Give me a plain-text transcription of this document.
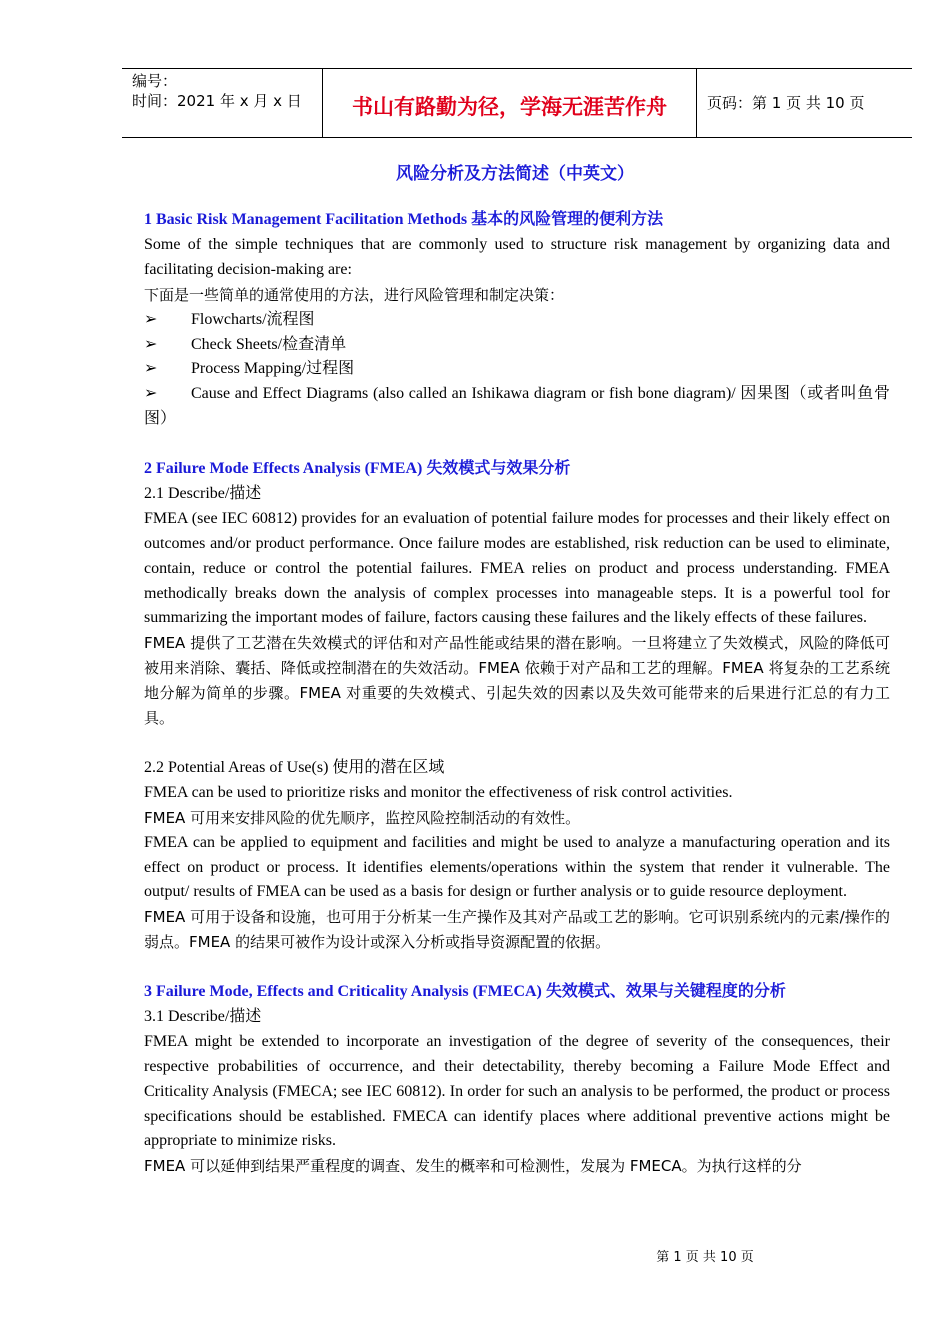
编号：
时间：2021 年 x 月 x 日	书山有路勤为径，学海无涯苦作舟	页码：第 1 页 共 10 页
风险分析及方法简述（中英文）

1 Basic Risk Management Facilitation Methods 基本的风险管理的便利方法

Some of the simple techniques that are commonly used to structure risk management by organizing data and facilitating decision-making are:

下面是一些简单的通常使用的方法，进行风险管理和制定决策：

➢	Flowcharts/流程图
➢	Check Sheets/检查清单
➢	Process Mapping/过程图

➢ Cause and Effect Diagrams (also called an Ishikawa diagram or fish bone diagram)/ 因果图（或者叫鱼骨图）

2 Failure Mode Effects Analysis (FMEA) 失效模式与效果分析

2.1 Describe/描述

FMEA (see IEC 60812) provides for an evaluation of potential failure modes for processes and their likely effect on outcomes and/or product performance. Once failure modes are established, risk reduction can be used to eliminate, contain, reduce or control the potential failures. FMEA relies on product and process understanding. FMEA methodically breaks down the analysis of complex processes into manageable steps. It is a powerful tool for summarizing the important modes of failure, factors causing these failures and the likely effects of these failures.

FMEA 提供了工艺潜在失效模式的评估和对产品性能或结果的潜在影响。一旦将建立了失效模式，风险的降低可被用来消除、囊括、降低或控制潜在的失效活动。FMEA 依赖于对产品和工艺的理解。FMEA 将复杂的工艺系统地分解为简单的步骤。FMEA 对重要的失效模式、引起失效的因素以及失效可能带来的后果进行汇总的有力工具。

2.2 Potential Areas of Use(s) 使用的潜在区域

FMEA can be used to prioritize risks and monitor the effectiveness of risk control activities.

FMEA 可用来安排风险的优先顺序，监控风险控制活动的有效性。

FMEA can be applied to equipment and facilities and might be used to analyze a manufacturing operation and its effect on product or process. It identifies elements/operations within the system that render it vulnerable. The output/ results of FMEA can be used as a basis for design or further analysis or to guide resource deployment.

FMEA 可用于设备和设施，也可用于分析某一生产操作及其对产品或工艺的影响。它可识别系统内的元素/操作的弱点。FMEA 的结果可被作为设计或深入分析或指导资源配置的依据。

3 Failure Mode, Effects and Criticality Analysis (FMECA) 失效模式、效果与关键程度的分析

3.1 Describe/描述

FMEA might be extended to incorporate an investigation of the degree of severity of the consequences, their respective probabilities of occurrence, and their detectability, thereby becoming a Failure Mode Effect and Criticality Analysis (FMECA; see IEC 60812). In order for such an analysis to be performed, the product or process specifications should be established. FMECA can identify places where additional preventive actions might be appropriate to minimize risks.

FMEA 可以延伸到结果严重程度的调查、发生的概率和可检测性，发展为 FMECA。为执行这样的分

第 1 页 共 10 页
